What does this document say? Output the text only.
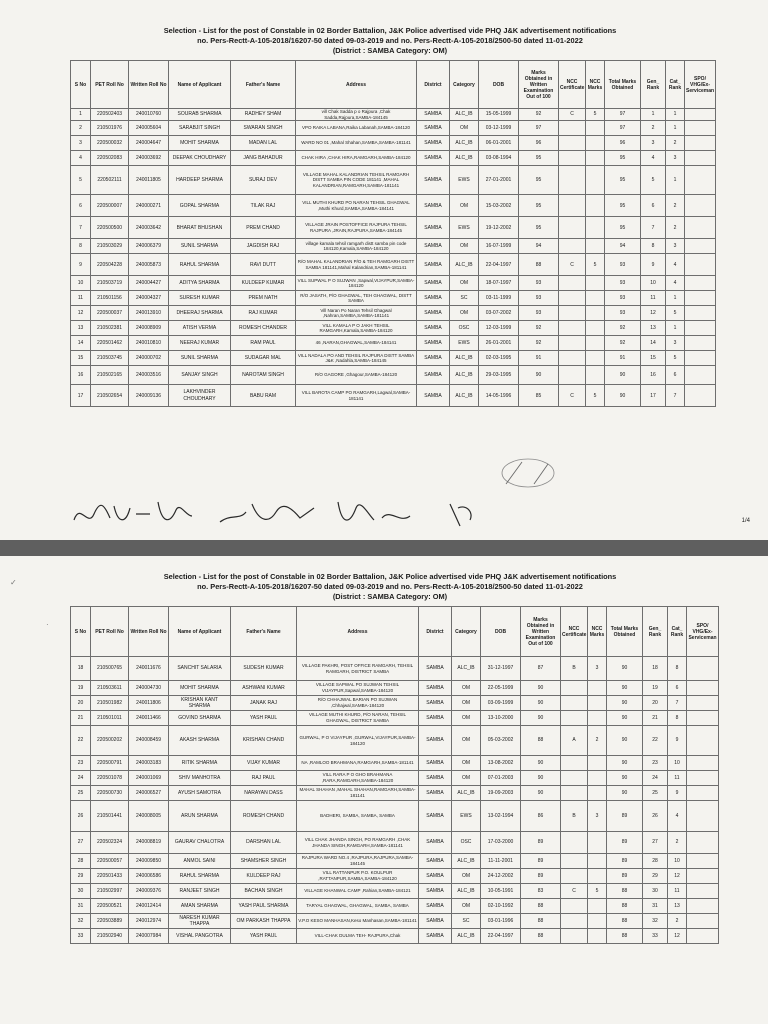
Selection - List for the post of Constable in 02 Border Battalion, J&K Police advertised vide PHQ J&K advertisement notifications
no. Pers-Rectt-A-105-2018/16207-50 dated 09-03-2019 and no. Pers-Rectt-A-105-2018/2500-50 dated 11-01-2022
(District : SAMBA Category: OM)
S No	PET Roll No	Written Roll No	Name of Applicant	Father's Name	Address	District	Category	DOB	Marks Obtained in Written Examination Out of 100	NCC Certificate	NCC Marks	Total Marks Obtained	Gen_ Rank	Cat_ Rank	SPO/ VHG/Ex- Serviceman
1	220502403	240010760	SOURAB SHARMA	RADHEY SHAM	vill Chak Sadda p o Rajpura ,Chak Sadda,Rajpura,SAMBA-184145	SAMBA	ALC_IB	15-05-1999	92	C	5	97	1	1	
2	210501976	240005604	SARABJIT SINGH	SWARAN SINGH	VPO RAIKA LABANA,Raika Labanah,SAMBA-184120	SAMBA	OM	03-12-1999	97			97	2	1	
3	220500032	240004647	MOHIT SHARMA	MADAN LAL	WARD NO 01 ,Mahal Shahan,SAMBA,SAMBA-181141	SAMBA	ALC_IB	06-01-2001	96			96	3	2	
4	220502083	240003692	DEEPAK CHOUDHARY	JANG BAHADUR	CHAK HIRA ,CHAK HIRA,RAMGARH,SAMBA-184120	SAMBA	ALC_IB	03-08-1994	95			95	4	3	
5	220502111	240011805	HARDEEP SHARMA	SURAJ DEV	VILLAGE MAHAL KALANDRIAN TEHSIL RAMGARH DISTT SAMBA PIN CODE 181141 ,MAHAL KALANDRIAN,RAMGARH,SAMBA-181141	SAMBA	EWS	27-01-2001	95			95	5	1	
6	220500007	240000271	GOPAL SHARMA	TILAK RAJ	VILL MUTHI KHURD PO NARAN TEHSIL GHAGWAL ,Muthi Khurd,SAMBA,SAMBA-184141	SAMBA	OM	15-03-2002	95			95	6	2	
7	220500500	240003642	BHARAT BHUSHAN	PREM CHAND	VILLAGE JRAIN POSTOFFICE RAJPURA TEHSIL RAJPURA ,JRAIN,RAJPURA,SAMBA-184145	SAMBA	EWS	19-12-2002	95			95	7	2	
8	210503029	240006379	SUNIL SHARMA	JAGDISH RAJ	village kamala tehsil ramgarh distt samba pin code 184120,Kamala,SAMBA-184120	SAMBA	OM	16-07-1999	94			94	8	3	
9	220504228	240005873	RAHUL SHARMA	RAVI DUTT	R/O MAHAL KALANDRIAN P/O & TEH RAMGARH DISTT SAMBA 181141,Mahal Kalandrian,SAMBA-181141	SAMBA	ALC_IB	22-04-1997	88	C	5	93	9	4	
10	210503719	240004427	ADITYA SHARMA	KULDEEP KUMAR	VILL SUPWAL P O SUJWAN ,Sapwal,VIJAYPUR,SAMBA-184120	SAMBA	OM	18-07-1997	93			93	10	4	
11	210501156	240004327	SURESH KUMAR	PREM NATH	R/O JASATH, P/O GHAGWAL, TEH GHAGWAL, DISTT SAMBA	SAMBA	SC	03-11-1999	93			93	11	1	
12	220500037	240013910	DHEERAJ SHARMA	RAJ KUMAR	Vill Naran Po Naran Tehsil Ghagwal ,Nahran,SAMBA,SAMBA-181141	SAMBA	OM	03-07-2002	93			93	12	5	
13	210502381	240008909	ATISH VERMA	ROMESH CHANDER	VILL KAMALA P O JAKH TEHSIL RAMGARH,Kamala,SAMBA-184120	SAMBA	OSC	12-03-1999	92			92	13	1	
14	220501462	240010810	NEERAJ KUMAR	RAM PAUL	46 ,NARAN,GHAGWAL,SAMBA-184141	SAMBA	EWS	26-01-2001	92			92	14	3	
15	210503745	240000702	SUNIL SHARMA	SUDAGAR MAL	VILL NADALA PO AND TEHSIL RAJPURA DISTT SAMBA J&K ,Nadahla,SAMBA-184145	SAMBA	ALC_IB	02-03-1995	91			91	15	5	
16	210502165	240003516	SANJAY SINGH	NAROTAM SINGH	R/O GAGORE ,Ghagour,SAMBA-184120	SAMBA	ALC_IB	29-03-1995	90			90	16	6	
17	210502654	240009136	LAKHVINDER CHOUDHARY	BABU RAM	VILL BAROTA CAMP PO RAMGARH,Lagwal,SAMBA-181141	SAMBA	ALC_IB	14-05-1996	85	C	5	90	17	7	
1/4
Selection - List for the post of Constable in 02 Border Battalion, J&K Police advertised vide PHQ J&K advertisement notifications
no. Pers-Rectt-A-105-2018/16207-50 dated 09-03-2019 and no. Pers-Rectt-A-105-2018/2500-50 dated 11-01-2022
(District : SAMBA Category: OM)
✓
·
S No	PET Roll No	Written Roll No	Name of Applicant	Father's Name	Address	District	Category	DOB	Marks Obtained in Written Examination Out of 100	NCC Certificate	NCC Marks	Total Marks Obtained	Gen_ Rank	Cat_ Rank	SPO/ VHG/Ex- Serviceman
18	210500765	240011676	SANCHIT SALARIA	SUDESH KUMAR	VILLAGE PAKHRI, POST OFFICE RAMGARH, TEHSIL RAMGARH, DISTRICT SAMBA	SAMBA	ALC_IB	31-12-1997	87	B	3	90	18	8	
19	210503611	240004730	MOHIT SHARMA	ASHWANI KUMAR	VILLAGE SAPWAL PO SUJWAN TEHSIL VIJAYPUR,Sapwal,SAMBA-184120	SAMBA	OM	22-05-1999	90			90	19	6	
20	210501982	240011806	KRISHAN KANT SHARMA	JANAK RAJ	R/O CHHAJWAL BARIAN PO SUJWAN ,Chhajwal,SAMBA-184120	SAMBA	OM	03-09-1999	90			90	20	7	
21	210501011	240011466	GOVIND SHARMA	YASH PAUL	VILLAGE MUTHI KHURD, P/O NARAN, TEHSIL GHAGWAL, DISTRICT SAMBA	SAMBA	OM	13-10-2000	90			90	21	8	
22	220500202	240008459	AKASH SHARMA	KRISHAN CHAND	GURWAL, P O VIJAYPUR ,GURWAL,VIJAYPUR,SAMBA-184120	SAMBA	OM	05-03-2002	88	A	2	90	22	9	
23	220500791	240003183	RITIK SHARMA	VIJAY KUMAR	NA ,RAMLOO BRAHMANA,RAMGARH,SAMBA-181141	SAMBA	OM	13-08-2002	90			90	23	10	
24	220501078	240001069	SHIV MANHOTRA	RAJ PAUL	VILL RARA P O GHO BRAHMANA ,RARA,RAMGARH,SAMBA-184120	SAMBA	OM	07-01-2003	90			90	24	11	
25	220500730	240006527	AYUSH SAMOTRA	NARAYAN DASS	MAHAL SHAHAN ,MAHAL SHAHAN,RAMGARH,SAMBA-181141	SAMBA	ALC_IB	19-09-2003	90			90	25	9	
26	210501441	240008005	ARUN SHARMA	ROMESH CHAND	BADHERI, SAMBA, SAMBA, SAMBA	SAMBA	EWS	13-02-1994	86	B	3	89	26	4	
27	220502324	240008819	GAURAV CHALOTRA	DARSHAN LAL	VILL CHAK JHANDA SINGH, PO RAMGARH ,CHAK JHANDA SINGH,RAMGARH,SAMBA-181141	SAMBA	OSC	17-03-2000	89			89	27	2	
28	220500057	240009850	ANMOL SAINI	SHAMSHER SINGH	RAJPURA WARD NO.4 ,RAJPURA,RAJPURA,SAMBA-184145	SAMBA	ALC_IB	11-11-2001	89			89	28	10	
29	220501433	240006586	RAHUL SHARMA	KULDEEP RAJ	VILL RATTANPUR P.O. KOULPUR ,RATTANPUR,SAMBA,SAMBA-184120	SAMBA	OM	24-12-2002	89			89	29	12	
30	210502997	240009376	RANJEET SINGH	BACHAN SINGH	VILLAGE KHANWAL CAMP ,Rahian,SAMBA-184121	SAMBA	ALC_IB	10-05-1991	83	C	5	88	30	11	
31	220500521	240012414	AMAN SHARMA	YASH PAUL SHARMA	TARYAL GHAGWAL, GHAGWAL, SAMBA, SAMBA	SAMBA	OM	02-10-1992	88			88	31	13	
32	220503889	240012974	NARESH KUMAR THAPPA	OM PARKASH THAPPA	V.P.O KESO MANHASAN,Keso Manhasan,SAMBA-181141	SAMBA	SC	03-01-1996	88			88	32	2	
33	210502940	240007984	VISHAL PANGOTRA	YASH PAUL	VILL-CHAK DULMA TEH- RAJPURA,Chak	SAMBA	ALC_IB	22-04-1997	88			88	33	12	
